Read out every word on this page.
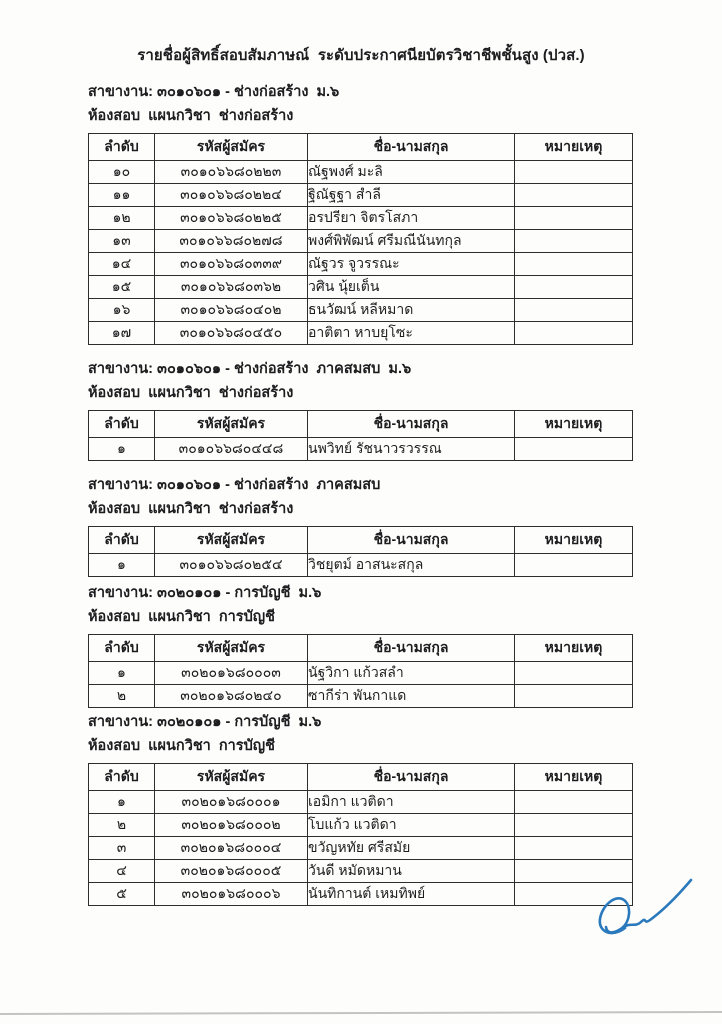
รายชื่อผู้สิทธิ์สอบสัมภาษณ์  ระดับประกาศนียบัตรวิชาชีพชั้นสูง (ปวส.)
สาขางาน: ๓๐๑๐๖๐๑ - ช่างก่อสร้าง  ม.๖
ห้องสอบ  แผนกวิชา  ช่างก่อสร้าง
ลำดับ	รหัสผู้สมัคร	ชื่อ-นามสกุล	หมายเหตุ
๑๐	๓๐๑๐๖๖๘๐๒๒๓	ณัฐพงศ์ มะลิ	
๑๑	๓๐๑๐๖๖๘๐๒๒๔	ฐิณัฐฐา สำลี	
๑๒	๓๐๑๐๖๖๘๐๒๒๕	อรปรียา จิตรโสภา	
๑๓	๓๐๑๐๖๖๘๐๒๗๘	พงศ์พิพัฒน์ ศรีมณีนันทกุล	
๑๔	๓๐๑๐๖๖๘๐๓๓๙	ณัฐวร จูวรรณะ	
๑๕	๓๐๑๐๖๖๘๐๓๖๒	วศิน นุ้ยเต็น	
๑๖	๓๐๑๐๖๖๘๐๔๐๒	ธนวัฒน์ หลีหมาด	
๑๗	๓๐๑๐๖๖๘๐๔๕๐	อาติตา หาบยุโซะ	
สาขางาน: ๓๐๑๐๖๐๑ - ช่างก่อสร้าง  ภาคสมสบ  ม.๖
ห้องสอบ  แผนกวิชา  ช่างก่อสร้าง
ลำดับ	รหัสผู้สมัคร	ชื่อ-นามสกุล	หมายเหตุ
๑	๓๐๑๐๖๖๘๐๔๔๘	นพวิทย์ รัชนาวรวรรณ	
สาขางาน: ๓๐๑๐๖๐๑ - ช่างก่อสร้าง  ภาคสมสบ
ห้องสอบ  แผนกวิชา  ช่างก่อสร้าง
ลำดับ	รหัสผู้สมัคร	ชื่อ-นามสกุล	หมายเหตุ
๑	๓๐๑๐๖๖๘๐๒๕๔	วิชยุตม์ อาสนะสกุล	
สาขางาน: ๓๐๒๐๑๐๑ - การบัญชี  ม.๖
ห้องสอบ  แผนกวิชา  การบัญชี
ลำดับ	รหัสผู้สมัคร	ชื่อ-นามสกุล	หมายเหตุ
๑	๓๐๒๐๑๖๘๐๐๐๓	นัฐวิกา แก้วสลำ	
๒	๓๐๒๐๑๖๘๐๒๔๐	ซากีร่า พันกาแด	
สาขางาน: ๓๐๒๐๑๐๑ - การบัญชี  ม.๖
ห้องสอบ  แผนกวิชา  การบัญชี
ลำดับ	รหัสผู้สมัคร	ชื่อ-นามสกุล	หมายเหตุ
๑	๓๐๒๐๑๖๘๐๐๐๑	เอมิกา แวติดา	
๒	๓๐๒๐๑๖๘๐๐๐๒	โบแก้ว แวติดา	
๓	๓๐๒๐๑๖๘๐๐๐๔	ขวัญหทัย ศรีสมัย	
๔	๓๐๒๐๑๖๘๐๐๐๕	วันดี หมัดหมาน	
๕	๓๐๒๐๑๖๘๐๐๐๖	นันทิกานต์ เหมทิพย์	
